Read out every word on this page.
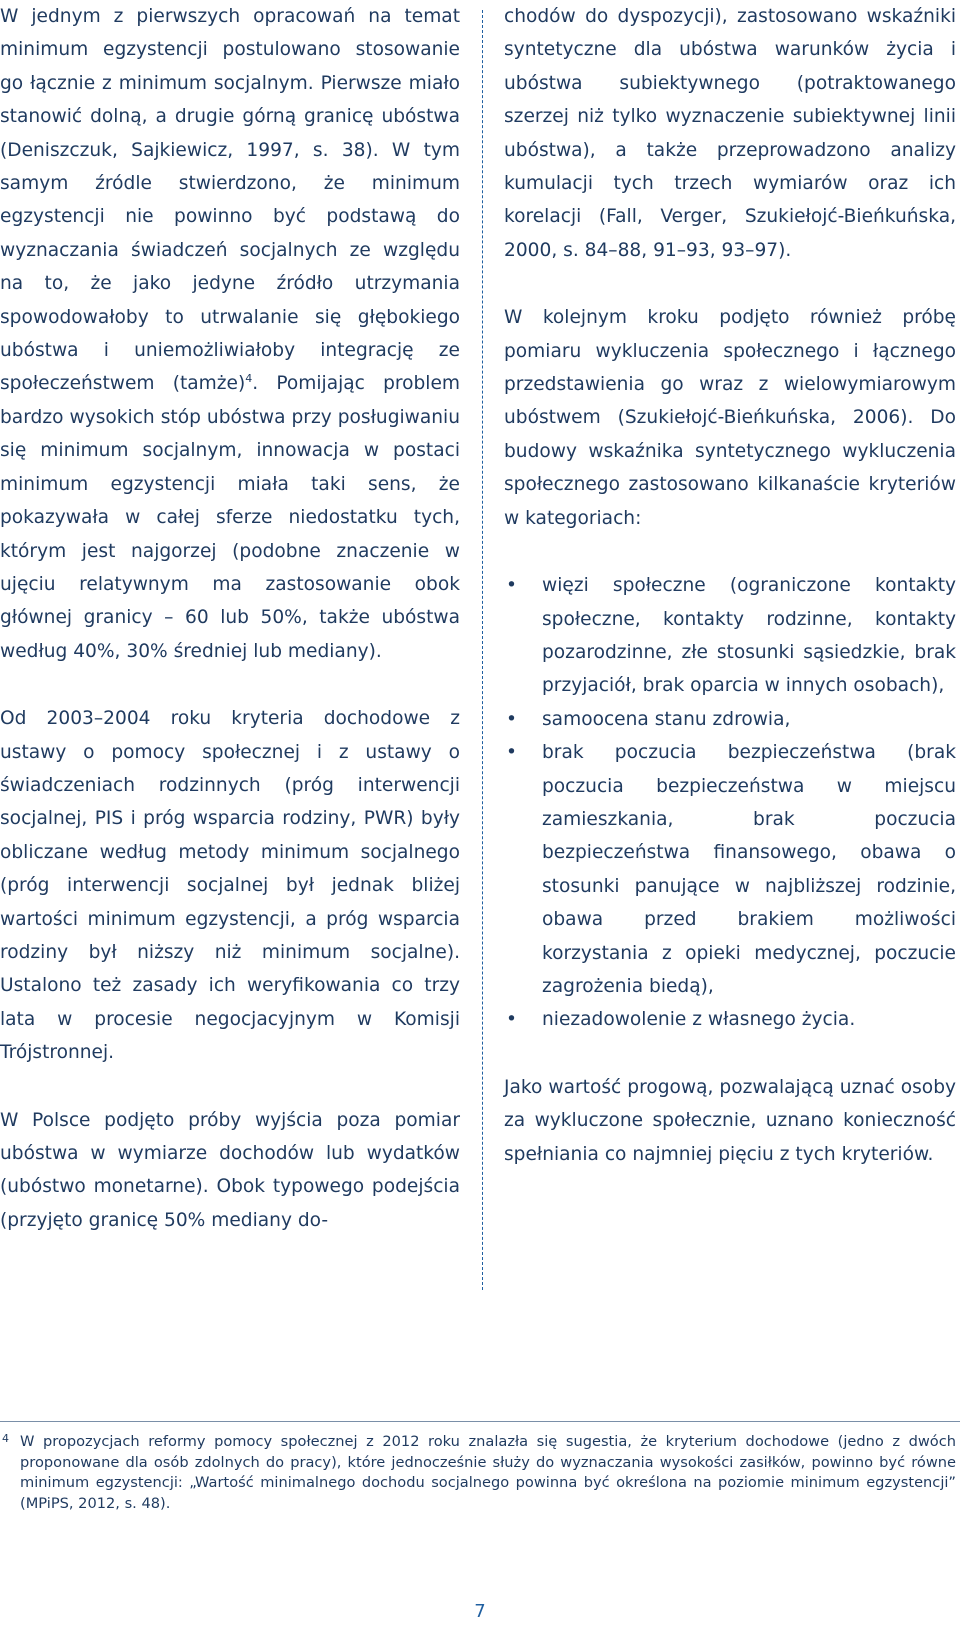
W jednym z pierwszych opracowań na temat minimum egzystencji postulowano stosowanie go łącznie z minimum socjalnym. Pierwsze miało stanowić dolną, a drugie górną granicę ubóstwa (Deniszczuk, Sajkiewicz, 1997, s. 38). W tym samym źródle stwierdzono, że minimum egzystencji nie powinno być podstawą do wyznaczania świadczeń socjalnych ze względu na to, że jako jedyne źródło utrzymania spowodowałoby to utrwalanie się głębokiego ubóstwa i uniemożliwiałoby integrację ze społeczeństwem (tamże)$^4$. Pomijając problem bardzo wysokich stóp ubóstwa przy posługiwaniu się minimum socjalnym, innowacja w postaci minimum egzystencji miała taki sens, że pokazywała w całej sferze niedostatku tych, którym jest najgorzej (podobne znaczenie w ujęciu relatywnym ma zastosowanie obok głównej granicy – 60 lub 50%, także ubóstwa według 40%, 30% średniej lub mediany).

Od 2003–2004 roku kryteria dochodowe z ustawy o pomocy społecznej i z ustawy o świadczeniach rodzinnych (próg interwencji socjalnej, PIS i próg wsparcia rodziny, PWR) były obliczane według metody minimum socjalnego (próg interwencji socjalnej był jednak bliżej wartości minimum egzystencji, a próg wsparcia rodziny był niższy niż minimum socjalne). Ustalono też zasady ich weryfikowania co trzy lata w procesie negocjacyjnym w Komisji Trójstronnej.

W Polsce podjęto próby wyjścia poza pomiar ubóstwa w wymiarze dochodów lub wydatków (ubóstwo monetarne). Obok typowego podejścia (przyjęto granicę 50% mediany do-

chodów do dyspozycji), zastosowano wskaźniki syntetyczne dla ubóstwa warunków życia i ubóstwa subiektywnego (potraktowanego szerzej niż tylko wyznaczenie subiektywnej linii ubóstwa), a także przeprowadzono analizy kumulacji tych trzech wymiarów oraz ich korelacji (Fall, Verger, Szukiełojć-Bieńkuńska, 2000, s. 84–88, 91–93, 93–97).

W kolejnym kroku podjęto również próbę pomiaru wykluczenia społecznego i łącznego przedstawienia go wraz z wielowymiarowym ubóstwem (Szukiełojć-Bieńkuńska, 2006). Do budowy wskaźnika syntetycznego wykluczenia społecznego zastosowano kilkanaście kryteriów w kategoriach:

• więzi społeczne (ograniczone kontakty społeczne, kontakty rodzinne, kontakty pozarodzinne, złe stosunki sąsiedzkie, brak przyjaciół, brak oparcia w innych osobach),
• samoocena stanu zdrowia,
• brak poczucia bezpieczeństwa (brak poczucia bezpieczeństwa w miejscu zamieszkania, brak poczucia bezpieczeństwa finansowego, obawa o stosunki panujące w najbliższej rodzinie, obawa przed brakiem możliwości korzystania z opieki medycznej, poczucie zagrożenia biedą),
• niezadowolenie z własnego życia.

Jako wartość progową, pozwalającą uznać osoby za wykluczone społecznie, uznano konieczność spełniania co najmniej pięciu z tych kryteriów.

4 W propozycjach reformy pomocy społecznej z 2012 roku znalazła się sugestia, że kryterium dochodowe (jedno z dwóch proponowane dla osób zdolnych do pracy), które jednocześnie służy do wyznaczania wysokości zasiłków, powinno być równe minimum egzystencji: „Wartość minimalnego dochodu socjalnego powinna być określona na poziomie minimum egzystencji” (MPiPS, 2012, s. 48).
7
